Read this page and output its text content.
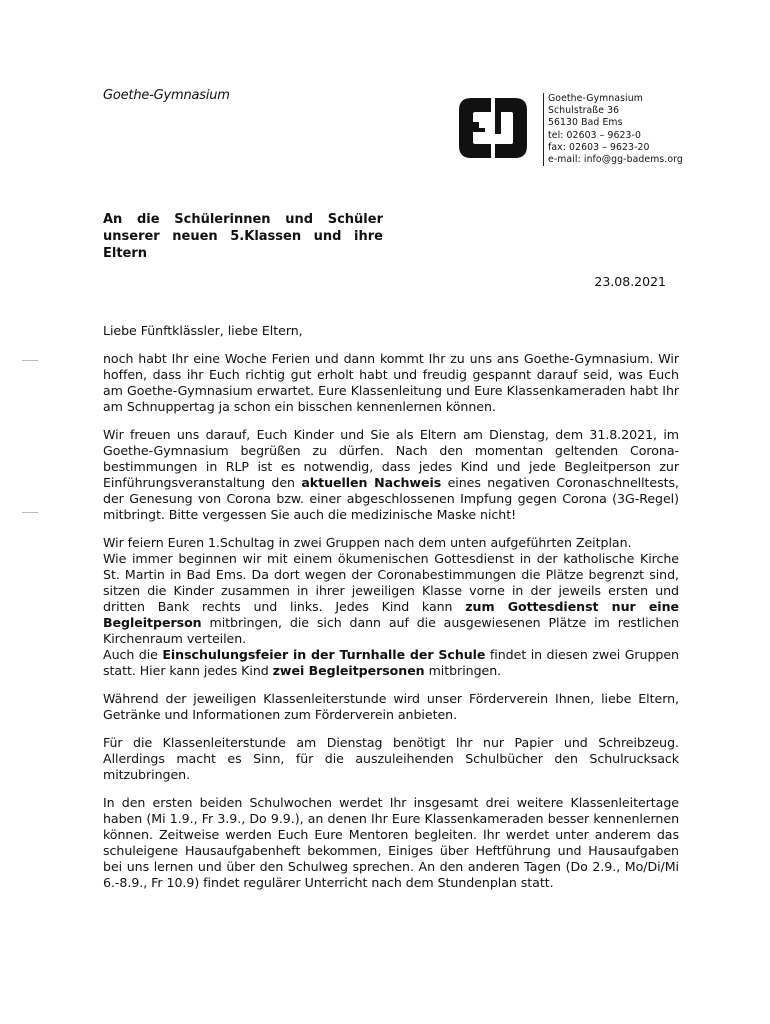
Goethe-Gymnasium	Goethe-Gymnasium
Schulstraße 36
56130 Bad Ems
tel: 02603 – 9623-0
fax: 02603 – 9623-20
e-mail: info@gg-badems.org
An die Schülerinnen und Schüler
unserer neuen 5.Klassen und ihre
Eltern
23.08.2021

Liebe Fünftklässler, liebe Eltern,

noch habt Ihr eine Woche Ferien und dann kommt Ihr zu uns ans Goethe-Gymnasium. Wir hoffen, dass ihr Euch richtig gut erholt habt und freudig gespannt darauf seid, was Euch am Goethe-Gymnasium erwartet. Eure Klassenleitung und Eure Klassenkameraden habt Ihr am Schnuppertag ja schon ein bisschen kennenlernen können.

Wir freuen uns darauf, Euch Kinder und Sie als Eltern am Dienstag, dem 31.8.2021, im Goethe-Gymnasium begrüßen zu dürfen. Nach den momentan geltenden Corona-bestimmungen in RLP ist es notwendig, dass jedes Kind und jede Begleitperson zur Einführungsveranstaltung den aktuellen Nachweis eines negativen Coronaschnelltests, der Genesung von Corona bzw. einer abgeschlossenen Impfung gegen Corona (3G-Regel) mitbringt. Bitte vergessen Sie auch die medizinische Maske nicht!

Wir feiern Euren 1.Schultag in zwei Gruppen nach dem unten aufgeführten Zeitplan.

Wie immer beginnen wir mit einem ökumenischen Gottesdienst in der katholische Kirche St. Martin in Bad Ems. Da dort wegen der Coronabestimmungen die Plätze begrenzt sind, sitzen die Kinder zusammen in ihrer jeweiligen Klasse vorne in der jeweils ersten und dritten Bank rechts und links. Jedes Kind kann zum Gottesdienst nur eine Begleitperson mitbringen, die sich dann auf die ausgewiesenen Plätze im restlichen Kirchenraum verteilen.

Auch die Einschulungsfeier in der Turnhalle der Schule findet in diesen zwei Gruppen statt. Hier kann jedes Kind zwei Begleitpersonen mitbringen.

Während der jeweiligen Klassenleiterstunde wird unser Förderverein Ihnen, liebe Eltern, Getränke und Informationen zum Förderverein anbieten.

Für die Klassenleiterstunde am Dienstag benötigt Ihr nur Papier und Schreibzeug. Allerdings macht es Sinn, für die auszuleihenden Schulbücher den Schulrucksack mitzubringen.

In den ersten beiden Schulwochen werdet Ihr insgesamt drei weitere Klassenleitertage haben (Mi 1.9., Fr 3.9., Do 9.9.), an denen Ihr Eure Klassenkameraden besser kennenlernen können. Zeitweise werden Euch Eure Mentoren begleiten. Ihr werdet unter anderem das schuleigene Hausaufgabenheft bekommen, Einiges über Heftführung und Hausaufgaben bei uns lernen und über den Schulweg sprechen. An den anderen Tagen (Do 2.9., Mo/Di/Mi 6.-8.9., Fr 10.9) findet regulärer Unterricht nach dem Stundenplan statt.
